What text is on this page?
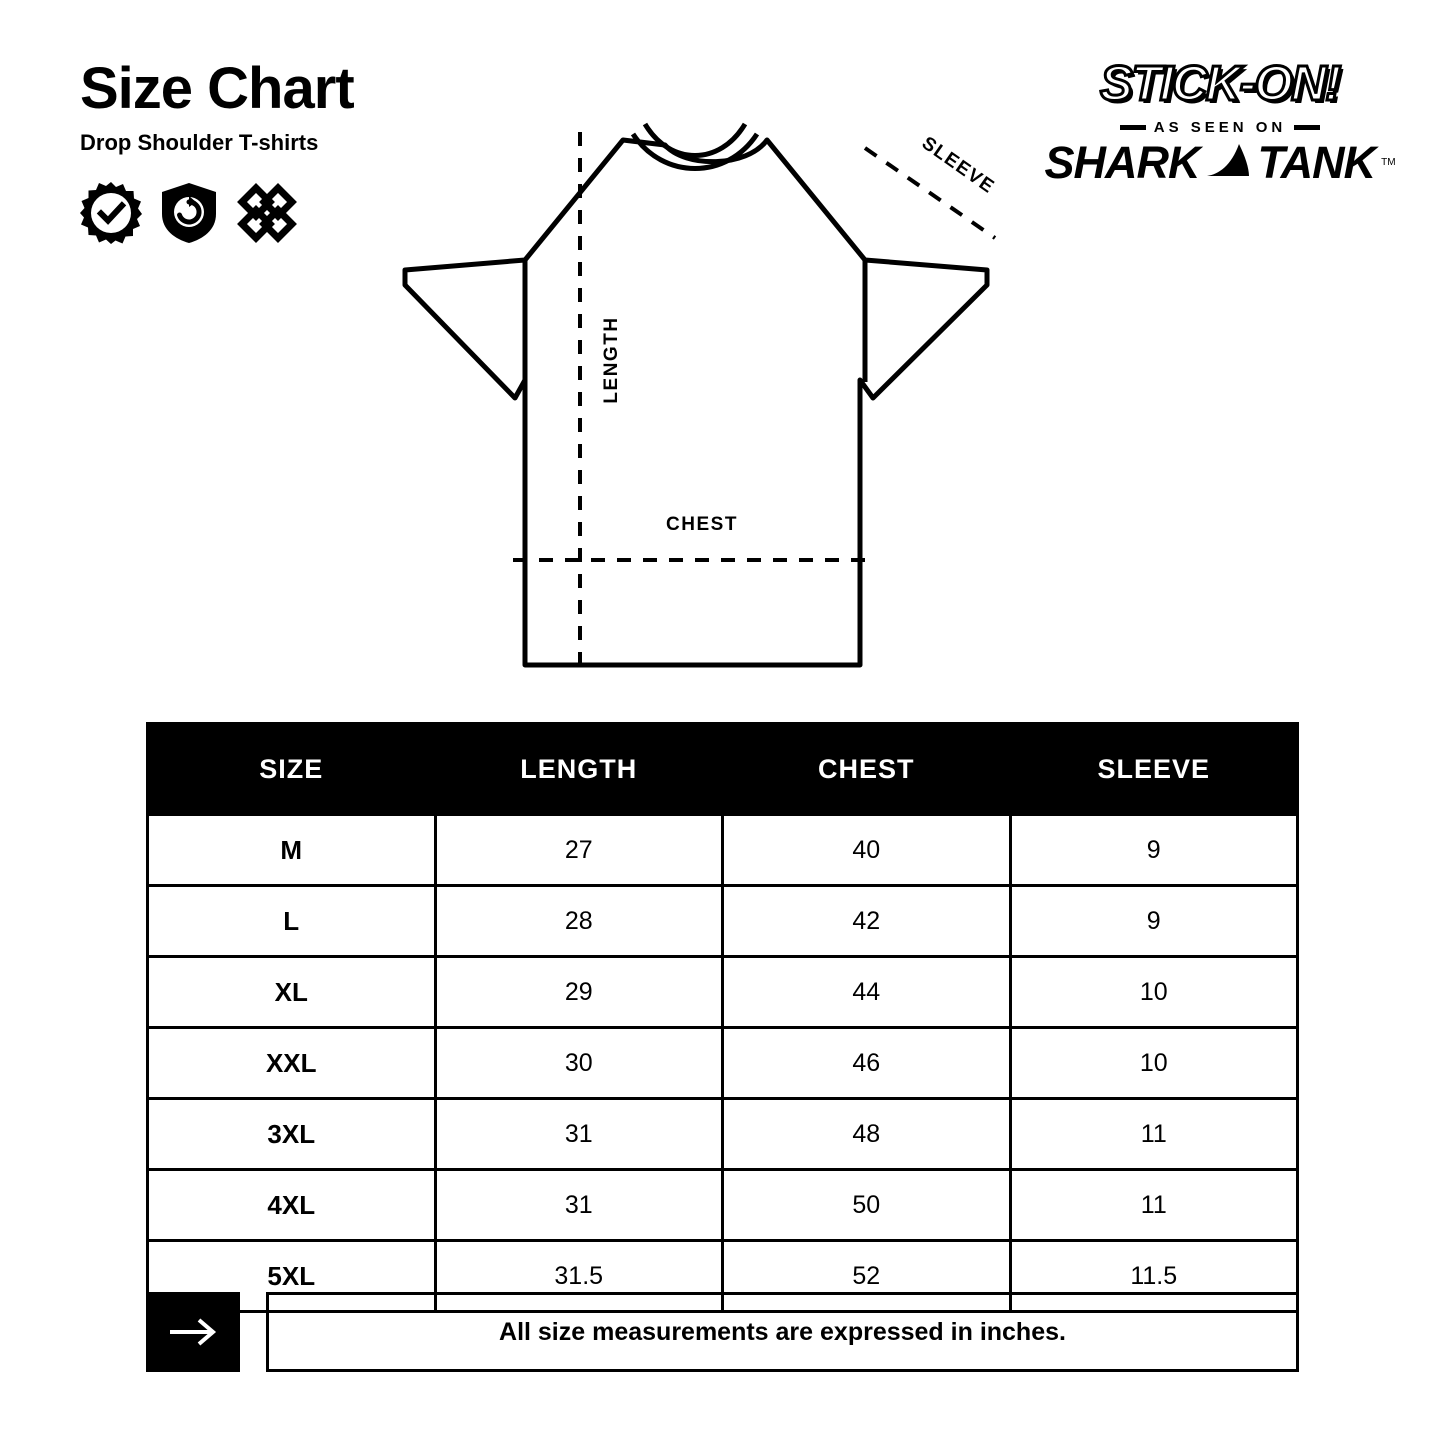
Size Chart
Drop Shoulder T-shirts
STICK-ON!
AS SEEN ON
SHARK TANK TM
LENGTH
CHEST
SLEEVE
SIZE	LENGTH	CHEST	SLEEVE
M	27	40	9
L	28	42	9
XL	29	44	10
XXL	30	46	10
3XL	31	48	11
4XL	31	50	11
5XL	31.5	52	11.5
All size measurements are expressed in inches.
